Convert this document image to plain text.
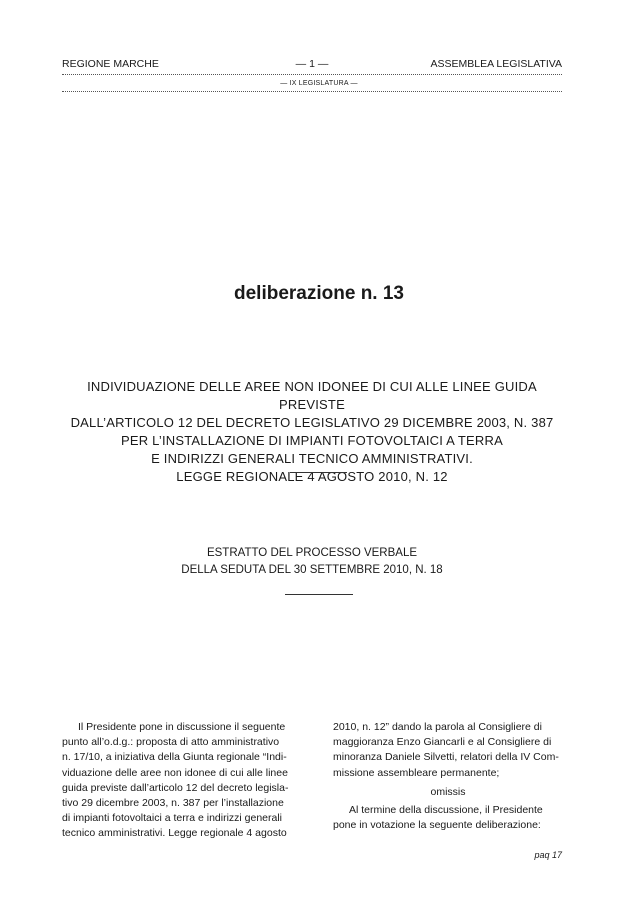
REGIONE MARCHE	— 1 —	ASSEMBLEA LEGISLATIVA
— IX LEGISLATURA —
deliberazione n. 13
INDIVIDUAZIONE DELLE AREE NON IDONEE DI CUI ALLE LINEE GUIDA PREVISTE
DALL’ARTICOLO 12 DEL DECRETO LEGISLATIVO 29 DICEMBRE 2003, N. 387
PER L’INSTALLAZIONE DI IMPIANTI FOTOVOLTAICI A TERRA
E INDIRIZZI GENERALI TECNICO AMMINISTRATIVI.
LEGGE REGIONALE 4 AGOSTO 2010, N. 12
ESTRATTO DEL PROCESSO VERBALE
DELLA SEDUTA DEL 30 SETTEMBRE 2010, N. 18

Il Presidente pone in discussione il seguente

punto all’o.d.g.: proposta di atto amministrativo

n. 17/10, a iniziativa della Giunta regionale “Indi-

viduazione delle aree non idonee di cui alle linee

guida previste dall’articolo 12 del decreto legisla-

tivo 29 dicembre 2003, n. 387 per l’installazione

di impianti fotovoltaici a terra e indirizzi generali

tecnico amministrativi. Legge regionale 4 agosto

2010, n. 12” dando la parola al Consigliere di

maggioranza Enzo Giancarli e al Consigliere di

minoranza Daniele Silvetti, relatori della IV Com-

missione assembleare permanente;

omissis

Al termine della discussione, il Presidente

pone in votazione la seguente deliberazione:

paq 17
